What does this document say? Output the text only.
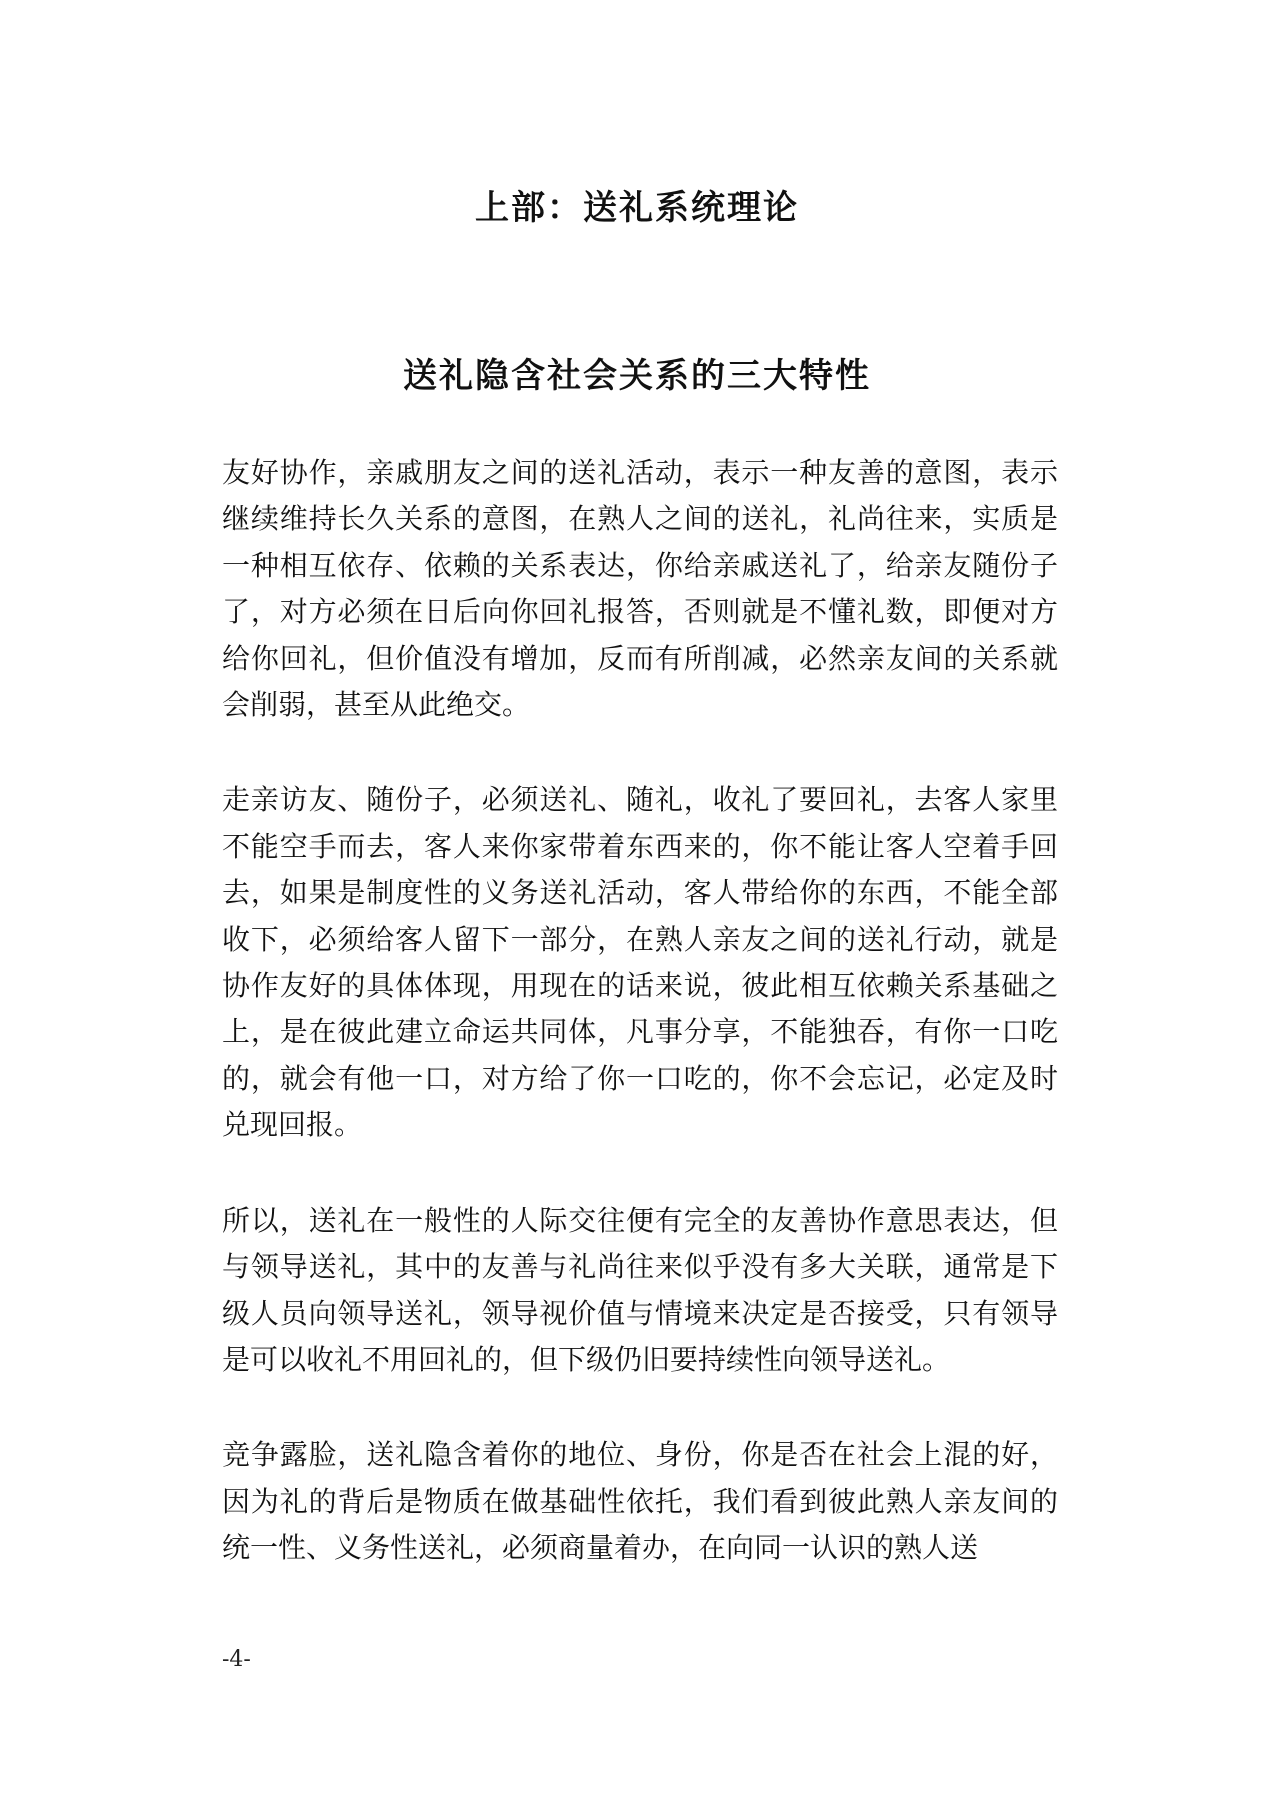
上部：送礼系统理论
送礼隐含社会关系的三大特性

友好协作，亲戚朋友之间的送礼活动，表示一种友善的意图，表示继续维持长久关系的意图，在熟人之间的送礼，礼尚往来，实质是一种相互依存、依赖的关系表达，你给亲戚送礼了，给亲友随份子了，对方必须在日后向你回礼报答，否则就是不懂礼数，即便对方给你回礼，但价值没有增加，反而有所削减，必然亲友间的关系就会削弱，甚至从此绝交。

走亲访友、随份子，必须送礼、随礼，收礼了要回礼，去客人家里不能空手而去，客人来你家带着东西来的，你不能让客人空着手回去，如果是制度性的义务送礼活动，客人带给你的东西，不能全部收下，必须给客人留下一部分，在熟人亲友之间的送礼行动，就是协作友好的具体体现，用现在的话来说，彼此相互依赖关系基础之上，是在彼此建立命运共同体，凡事分享，不能独吞，有你一口吃的，就会有他一口，对方给了你一口吃的，你不会忘记，必定及时兑现回报。

所以，送礼在一般性的人际交往便有完全的友善协作意思表达，但与领导送礼，其中的友善与礼尚往来似乎没有多大关联，通常是下级人员向领导送礼，领导视价值与情境来决定是否接受，只有领导是可以收礼不用回礼的，但下级仍旧要持续性向领导送礼。

竞争露脸，送礼隐含着你的地位、身份，你是否在社会上混的好，因为礼的背后是物质在做基础性依托，我们看到彼此熟人亲友间的统一性、义务性送礼，必须商量着办，在向同一认识的熟人送

-4-
